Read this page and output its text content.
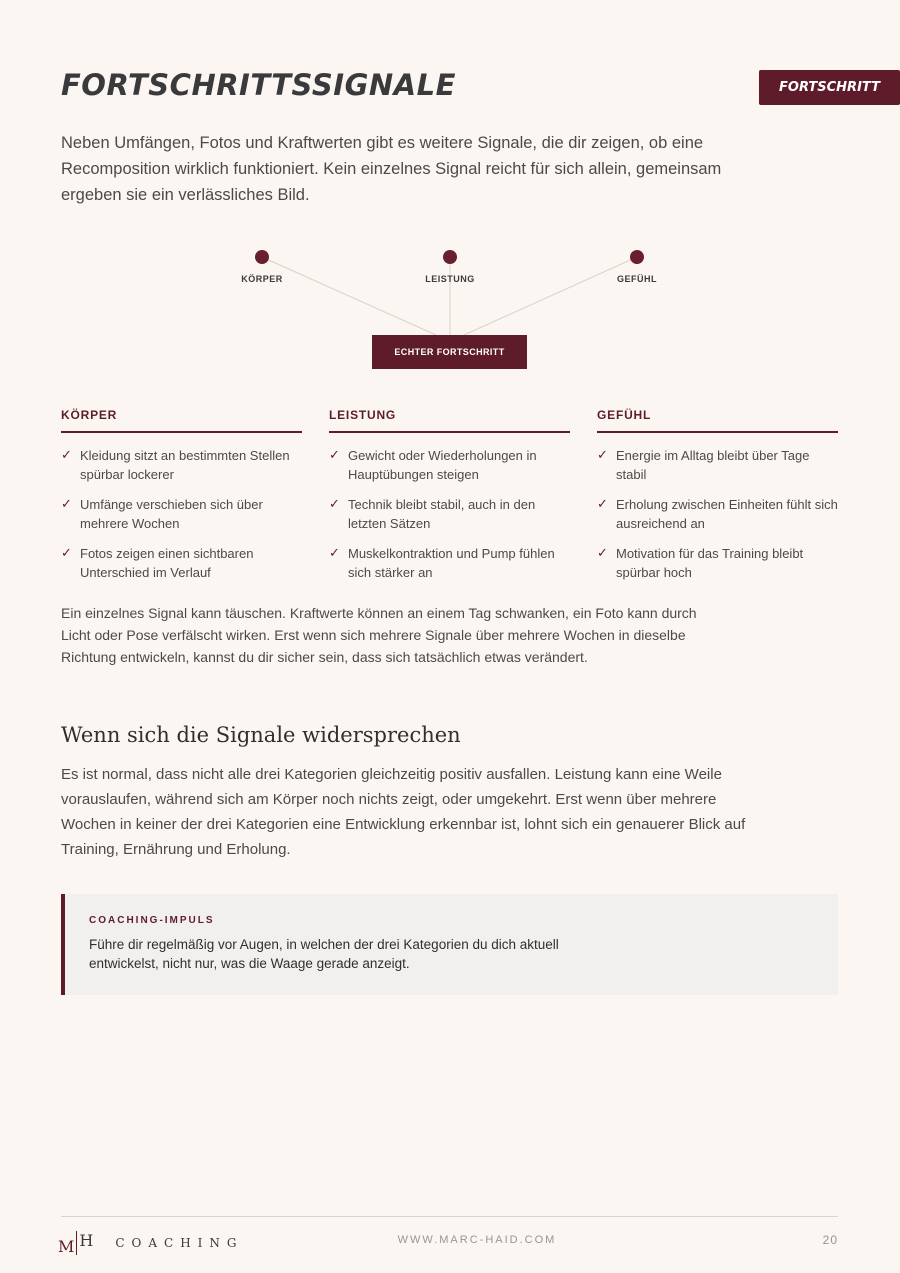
FORTSCHRITTSSIGNALE	FORTSCHRITT

Neben Umfängen, Fotos und Kraftwerten gibt es weitere Signale, die dir zeigen, ob eine Recomposition wirklich funktioniert. Kein einzelnes Signal reicht für sich allein, gemeinsam ergeben sie ein verlässliches Bild.

KÖRPER	LEISTUNG	GEFÜHL
ECHTER FORTSCHRITT
KÖRPER
✓ Kleidung sitzt an bestimmten Stellen spürbar lockerer
✓ Umfänge verschieben sich über mehrere Wochen
✓ Fotos zeigen einen sichtbaren Unterschied im Verlauf
LEISTUNG
✓ Gewicht oder Wiederholungen in Hauptübungen steigen
✓ Technik bleibt stabil, auch in den letzten Sätzen
✓ Muskelkontraktion und Pump fühlen sich stärker an
GEFÜHL
✓ Energie im Alltag bleibt über Tage stabil
✓ Erholung zwischen Einheiten fühlt sich ausreichend an
✓ Motivation für das Training bleibt spürbar hoch

Ein einzelnes Signal kann täuschen. Kraftwerte können an einem Tag schwanken, ein Foto kann durch Licht oder Pose verfälscht wirken. Erst wenn sich mehrere Signale über mehrere Wochen in dieselbe Richtung entwickeln, kannst du dir sicher sein, dass sich tatsächlich etwas verändert.

Wenn sich die Signale widersprechen

Es ist normal, dass nicht alle drei Kategorien gleichzeitig positiv ausfallen. Leistung kann eine Weile vorauslaufen, während sich am Körper noch nichts zeigt, oder umgekehrt. Erst wenn über mehrere Wochen in keiner der drei Kategorien eine Entwicklung erkennbar ist, lohnt sich ein genauerer Blick auf Training, Ernährung und Erholung.

COACHING-IMPULS
Führe dir regelmäßig vor Augen, in welchen der drei Kategorien du dich aktuell entwickelst, nicht nur, was die Waage gerade anzeigt.
M H COACHING	WWW.MARC-HAID.COM	20
